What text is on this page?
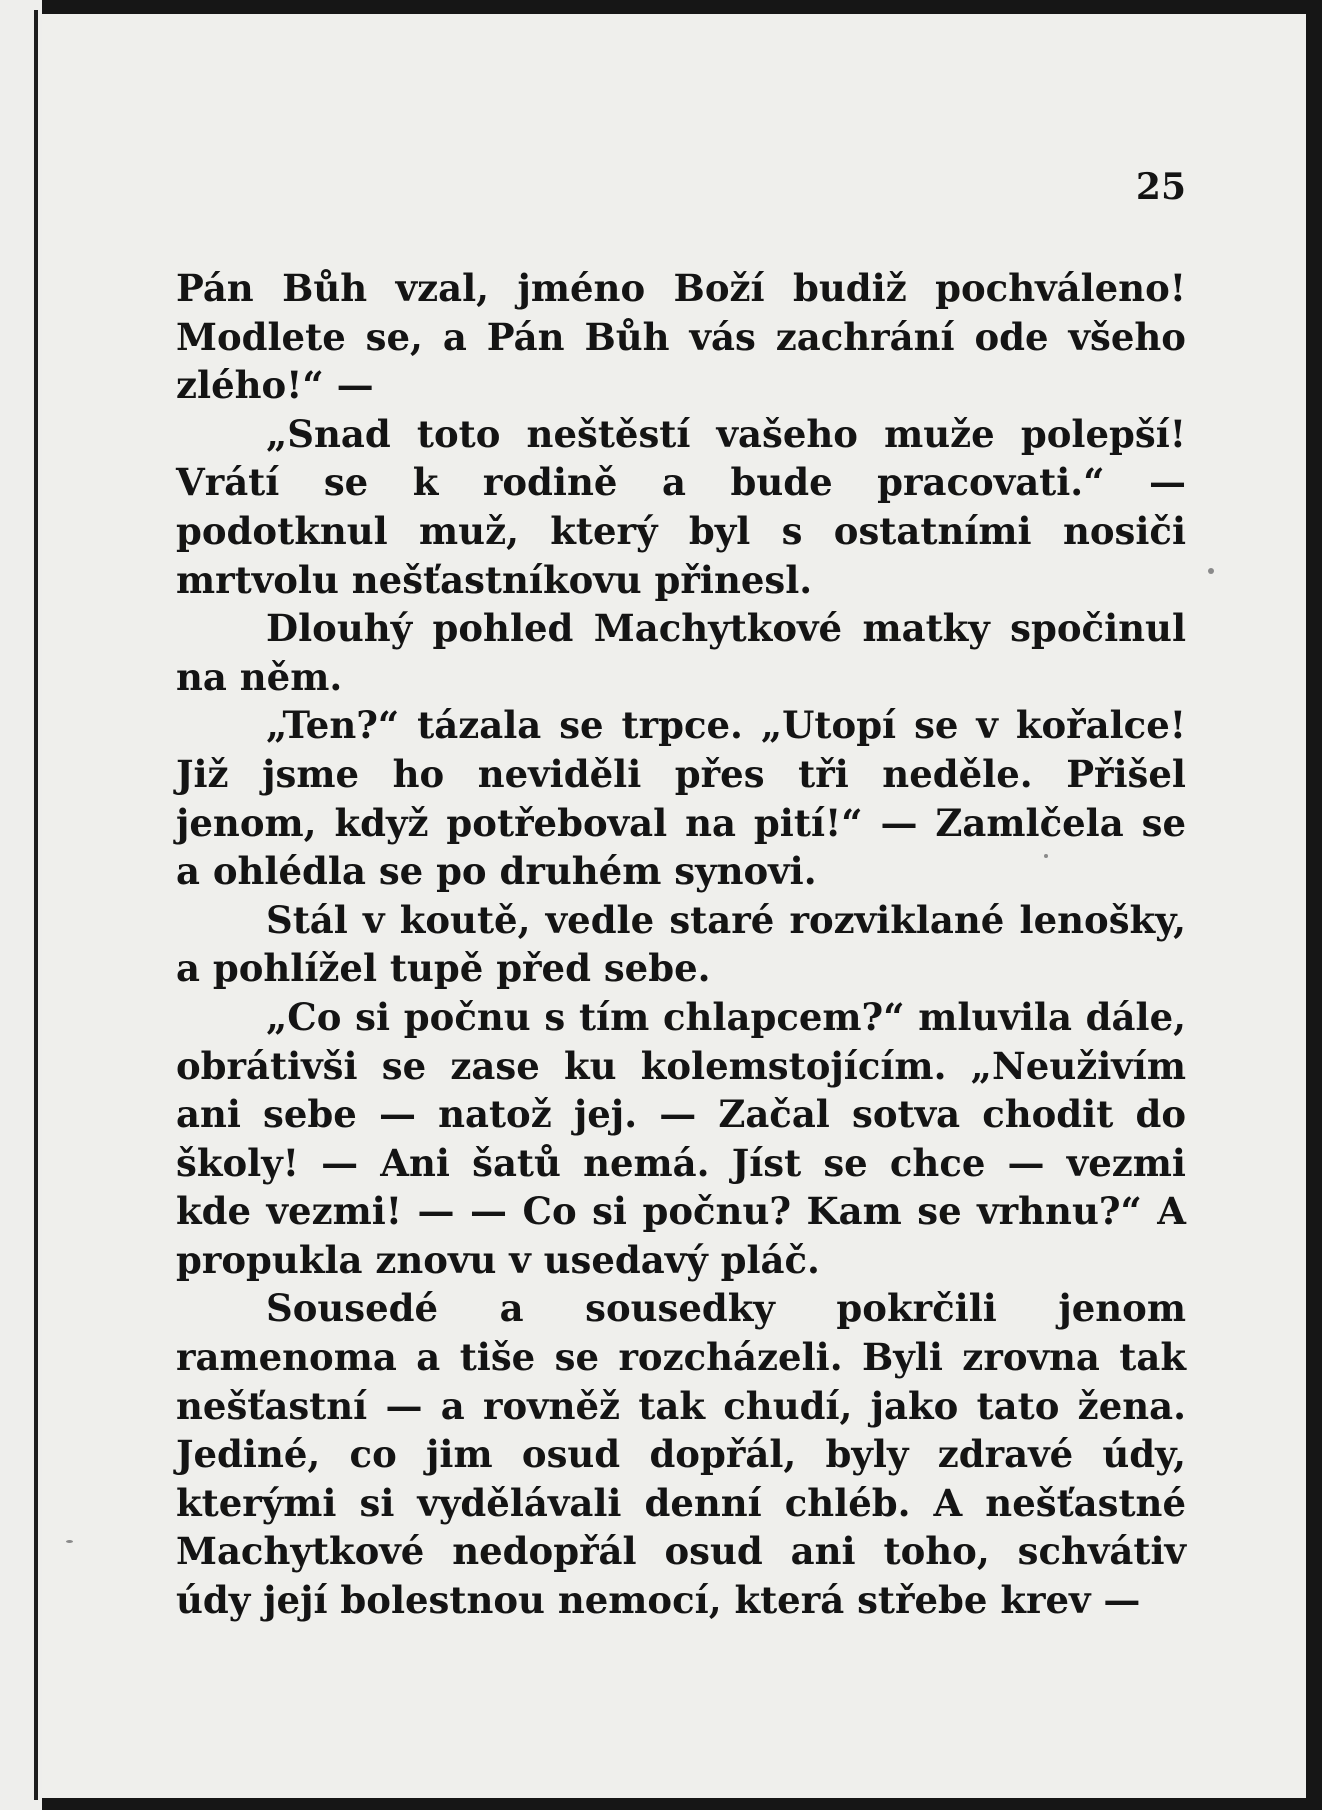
25

Pán Bůh vzal, jméno Boží budiž pochváleno! Modlete se, a Pán Bůh vás zachrání ode všeho zlého!“ —

„Snad toto neštěstí vašeho muže polepší! Vrátí se k rodině a bude pracovati.“ — podotknul muž, který byl s ostatními nosiči mrtvolu nešťastníkovu přinesl.

Dlouhý pohled Machytkové matky spočinul na něm.

„Ten?“ tázala se trpce. „Utopí se v kořalce! Již jsme ho neviděli přes tři neděle. Přišel jenom, když potřeboval na pití!“ — Zamlčela se a ohlédla se po druhém synovi.

Stál v koutě, vedle staré rozviklané lenošky, a pohlížel tupě před sebe.

„Co si počnu s tím chlapcem?“ mluvila dále, obrátivši se zase ku kolemstojícím. „Neuživím ani sebe — natož jej. — Začal sotva chodit do školy! — Ani šatů nemá. Jíst se chce — vezmi kde vezmi! — — Co si počnu? Kam se vrhnu?“ A propukla znovu v usedavý pláč.

Sousedé a sousedky pokrčili jenom ramenoma a tiše se rozcházeli. Byli zrovna tak nešťastní — a rovněž tak chudí, jako tato žena. Jediné, co jim osud dopřál, byly zdravé údy, kterými si vydělávali denní chléb. A nešťastné Machytkové nedopřál osud ani toho, schvátiv údy její bolestnou nemocí, která střebe krev —
